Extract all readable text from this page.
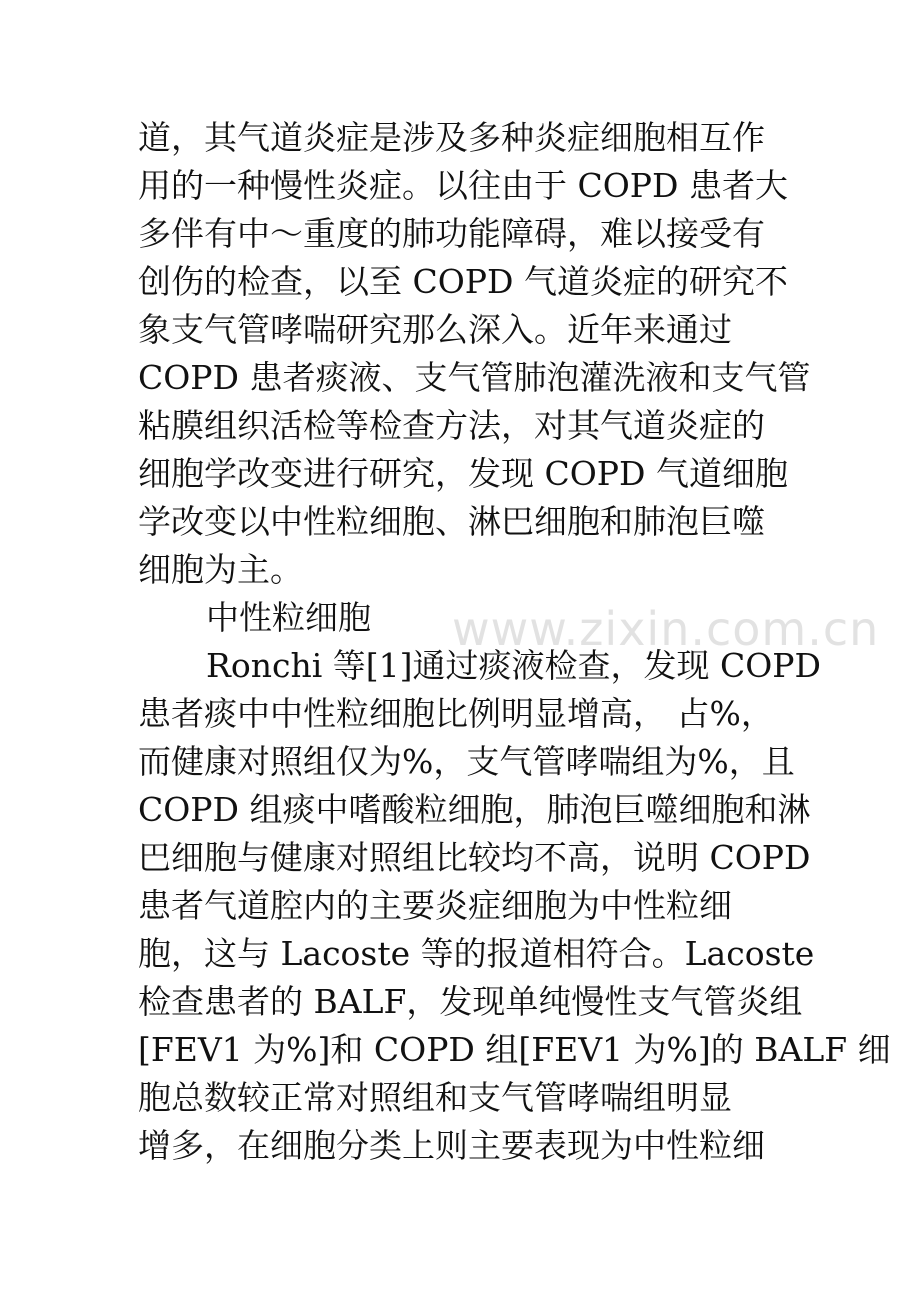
www.zixin.com.cn
道，其气道炎症是涉及多种炎症细胞相互作
用的一种慢性炎症。以往由于 COPD 患者大
多伴有中～重度的肺功能障碍，难以接受有
创伤的检查，以至 COPD 气道炎症的研究不
象支气管哮喘研究那么深入。近年来通过
COPD 患者痰液、支气管肺泡灌洗液和支气管
粘膜组织活检等检查方法，对其气道炎症的
细胞学改变进行研究，发现 COPD 气道细胞
学改变以中性粒细胞、淋巴细胞和肺泡巨噬
细胞为主。
中性粒细胞
Ronchi 等[1]通过痰液检查，发现 COPD
患者痰中中性粒细胞比例明显增高， 占%，
而健康对照组仅为%，支气管哮喘组为%，且
COPD 组痰中嗜酸粒细胞，肺泡巨噬细胞和淋
巴细胞与健康对照组比较均不高，说明 COPD
患者气道腔内的主要炎症细胞为中性粒细
胞，这与 Lacoste 等的报道相符合。Lacoste
检查患者的 BALF，发现单纯慢性支气管炎组
[FEV1 为%]和 COPD 组[FEV1 为%]的 BALF 细
胞总数较正常对照组和支气管哮喘组明显
增多，在细胞分类上则主要表现为中性粒细
